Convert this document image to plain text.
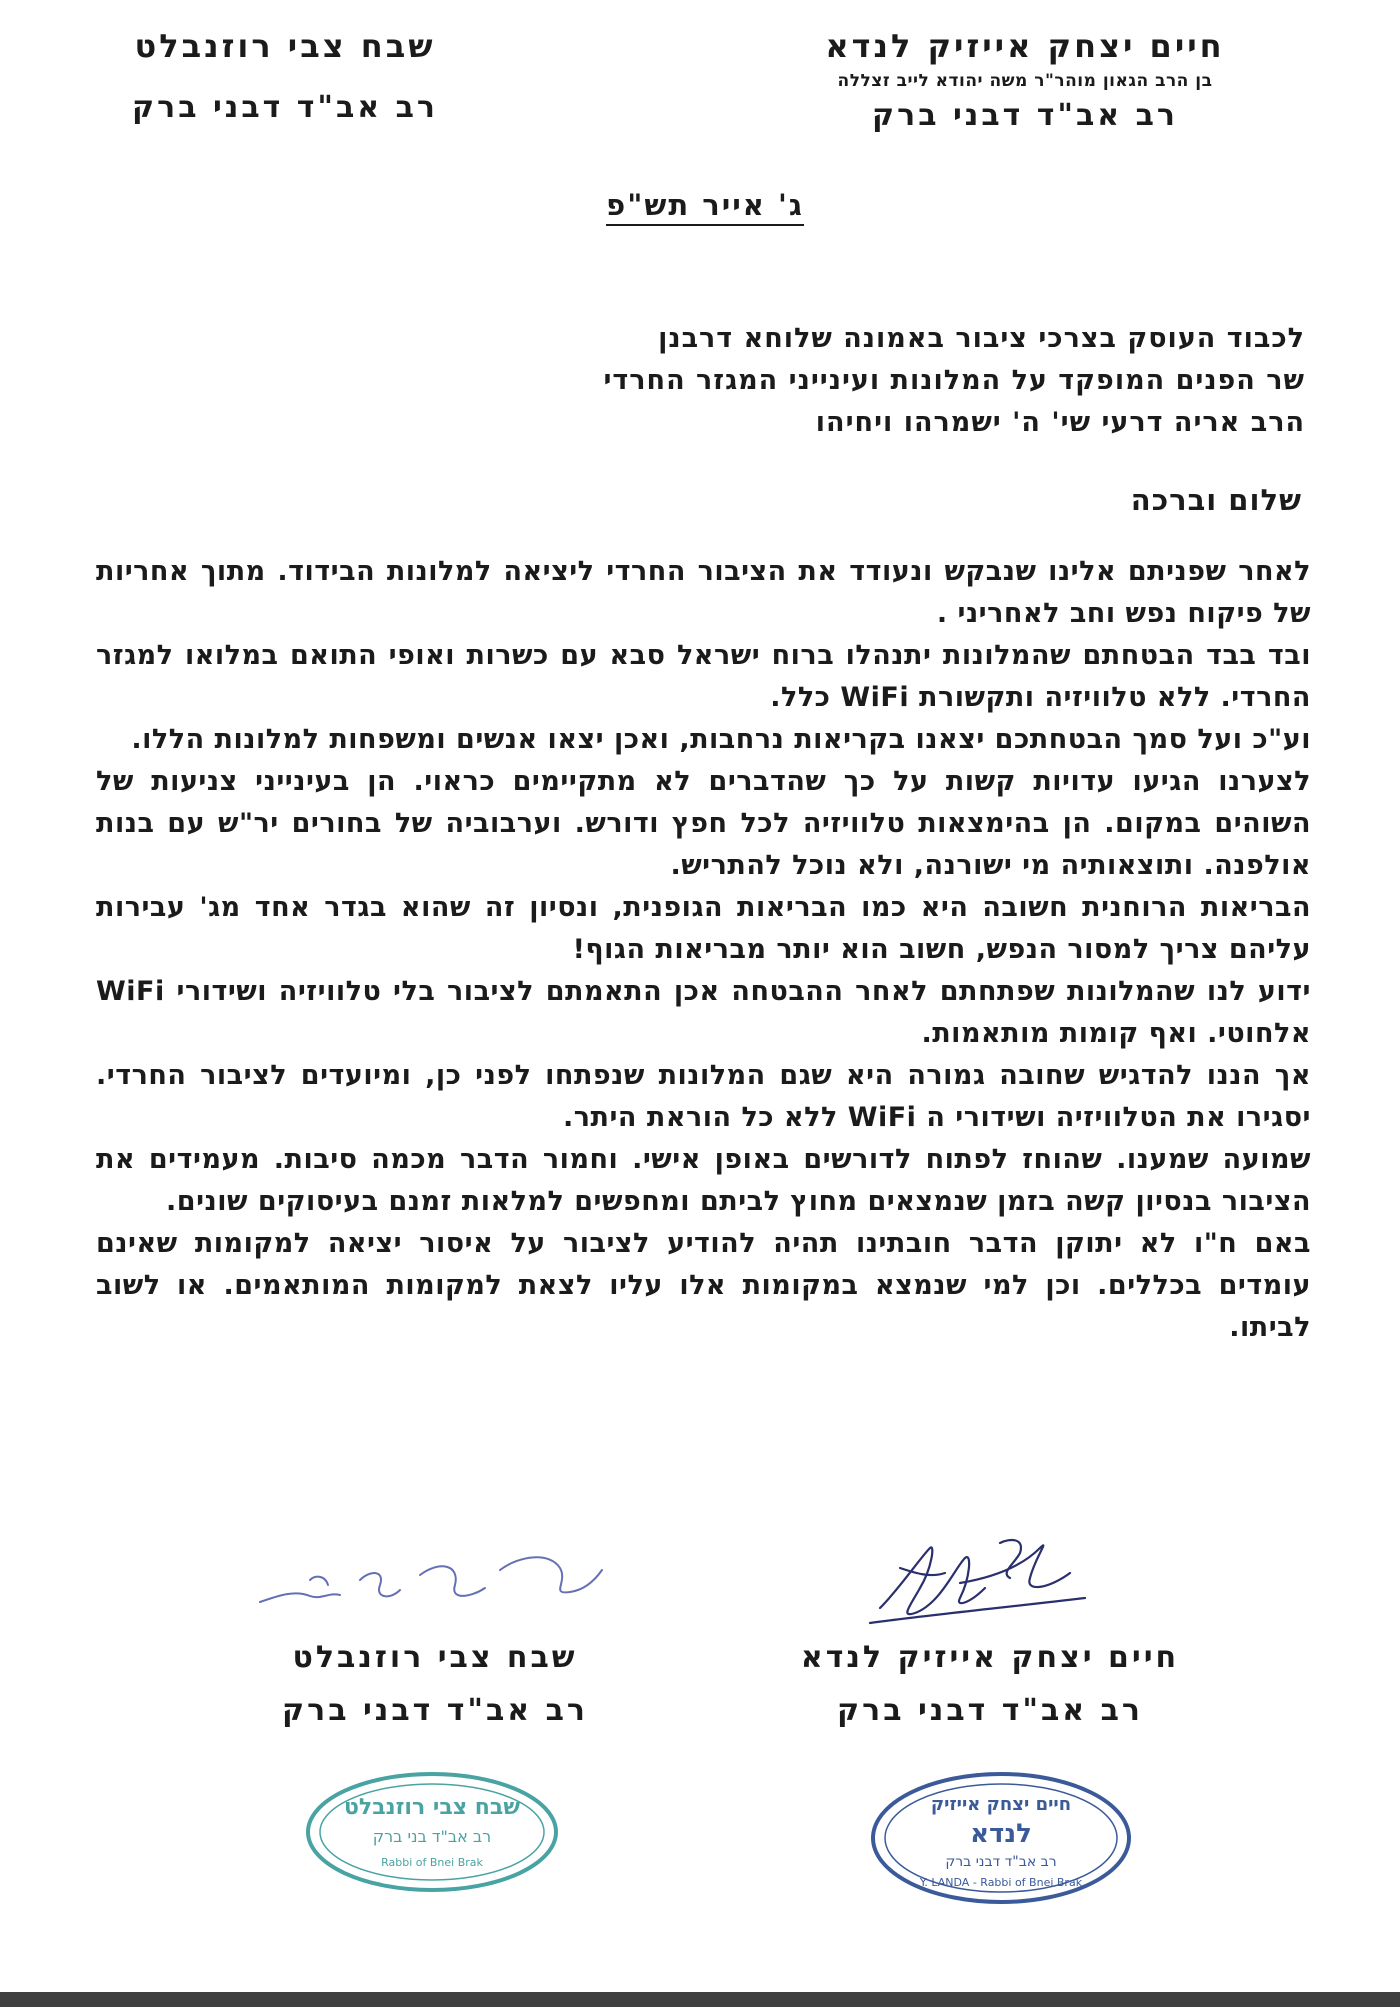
חיים יצחק אייזיק לנדא
בן הרב הגאון מוהר"ר משה יהודא לייב זצללה
רב אב"ד דבני ברק
שבח צבי רוזנבלט
רב אב"ד דבני ברק
ג' אייר תש"פ
לכבוד העוסק בצרכי ציבור באמונה שלוחא דרבנן
שר הפנים המופקד על המלונות ועינייני המגזר החרדי
הרב אריה דרעי שי' ה' ישמרהו ויחיהו
שלום וברכה

לאחר שפניתם אלינו שנבקש ונעודד את הציבור החרדי ליציאה למלונות הבידוד. מתוך אחריות של פיקוח נפש וחב לאחריני .

ובד בבד הבטחתם שהמלונות יתנהלו ברוח ישראל סבא עם כשרות ואופי התואם במלואו למגזר החרדי. ללא טלוויזיה ותקשורת WiFi כלל.

וע"כ ועל סמך הבטחתכם יצאנו בקריאות נרחבות, ואכן יצאו אנשים ומשפחות למלונות הללו.

לצערנו הגיעו עדויות קשות על כך שהדברים לא מתקיימים כראוי. הן בעינייני צניעות של השוהים במקום. הן בהימצאות טלוויזיה לכל חפץ ודורש. וערבוביה של בחורים יר"ש עם בנות אולפנה. ותוצאותיה מי ישורנה, ולא נוכל להתריש.

הבריאות הרוחנית חשובה היא כמו הבריאות הגופנית, ונסיון זה שהוא בגדר אחד מג' עבירות עליהם צריך למסור הנפש, חשוב הוא יותר מבריאות הגוף!

ידוע לנו שהמלונות שפתחתם לאחר ההבטחה אכן התאמתם לציבור בלי טלוויזיה ושידורי WiFi אלחוטי. ואף קומות מותאמות.

אך הננו להדגיש שחובה גמורה היא שגם המלונות שנפתחו לפני כן, ומיועדים לציבור החרדי. יסגירו את הטלוויזיה ושידורי ה WiFi ללא כל הוראת היתר.

שמועה שמענו. שהוחז לפתוח לדורשים באופן אישי. וחמור הדבר מכמה סיבות. מעמידים את הציבור בנסיון קשה בזמן שנמצאים מחוץ לביתם ומחפשים למלאות זמנם בעיסוקים שונים.

באם ח"ו לא יתוקן הדבר חובתינו תהיה להודיע לציבור על איסור יציאה למקומות שאינם עומדים בכללים. וכן למי שנמצא במקומות אלו עליו לצאת למקומות המותאמים. או לשוב לביתו.

חיים יצחק אייזיק לנדא
רב אב"ד דבני ברק
שבח צבי רוזנבלט
רב אב"ד דבני ברק
שבח צבי רוזנבלט
רב אב"ד בני ברק
Rabbi of Bnei Brak
חיים יצחק אייזיק
לנדא
רב אב"ד דבני ברק
Y. LANDA - Rabbi of Bnei Brak
